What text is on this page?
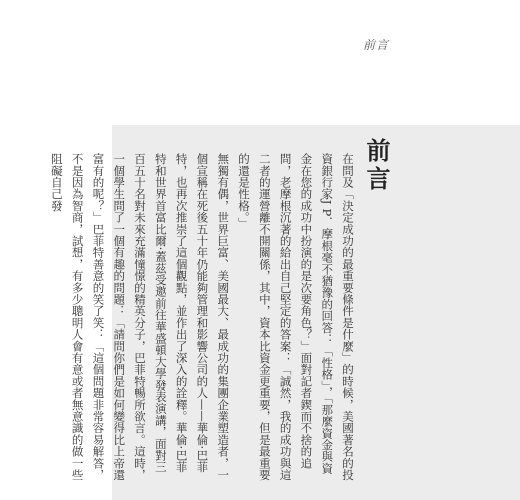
前言
前言

在問及「決定成功的最重要條件是什麼」的時候，美國著名的投資銀行家J P．摩根毫不猶豫的回答：「性格」，「那麼資金與資金在您的成功中扮演的是次要角色？」面對記者鍥而不捨的追問，老摩根沉著的給出自己堅定的答案：「誠然，我的成功與這二者的運營離不開關係，其中，資本比資金更重要，但是最重要的還是性格。」

無獨有偶，世界巨富、美國最大、最成功的集團企業塑造者，一個宣稱在死後五十年仍能夠管理和影響公司的人——華倫·巴菲特，也再次推崇了這個觀點，並作出了深入的詮釋。華倫·巴菲特和世界首富比爾·蓋茲受邀前往華盛頓大學發表演講，面對三百五十名對未來充滿憧憬的精英分子，巴菲特暢所欲言。這時，一個學生問了一個有趣的問題：「請問你們是如何變得比上帝還富有的呢？」巴菲特善意的笑了笑：「這個問題非常容易解答，不是因為智商，試想，有多少聰明人會有意或者無意識的做一些阻礙自己發
